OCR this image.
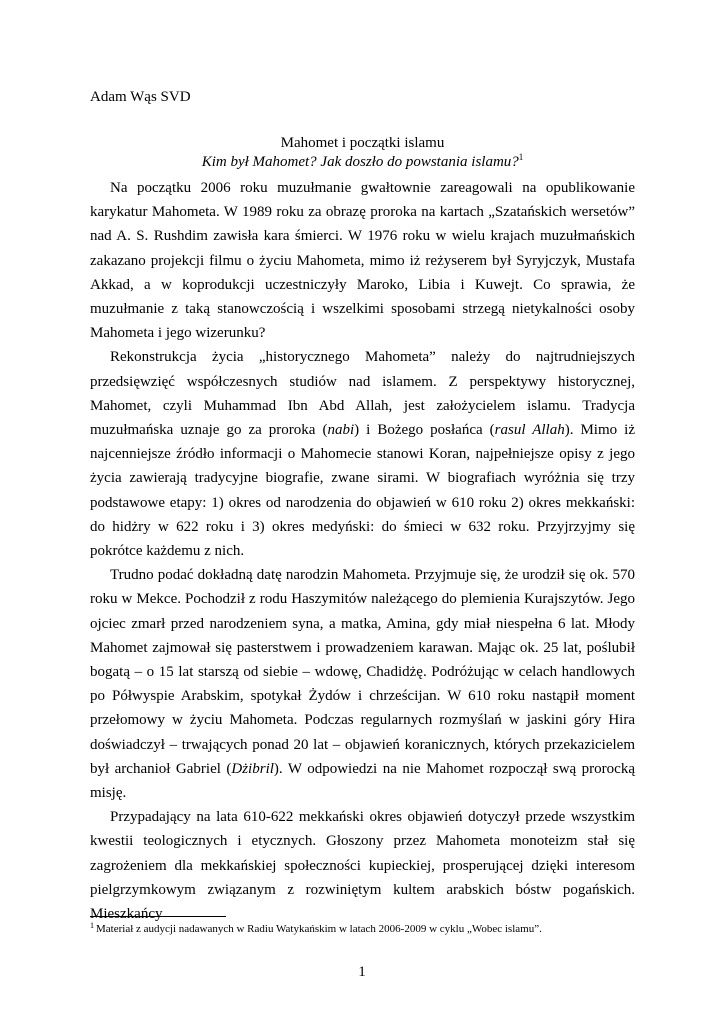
Adam Wąs SVD
Mahomet i początki islamu
Kim był Mahomet? Jak doszło do powstania islamu?$^1$

Na początku 2006 roku muzułmanie gwałtownie zareagowali na opublikowanie karykatur Mahometa. W 1989 roku za obrazę proroka na kartach „Szatańskich wersetów” nad A. S. Rushdim zawisła kara śmierci. W 1976 roku w wielu krajach muzułmańskich zakazano projekcji filmu o życiu Mahometa, mimo iż reżyserem był Syryjczyk, Mustafa Akkad, a w koprodukcji uczestniczyły Maroko, Libia i Kuwejt. Co sprawia, że muzułmanie z taką stanowczością i wszelkimi sposobami strzegą nietykalności osoby Mahometa i jego wizerunku?

Rekonstrukcja życia „historycznego Mahometa” należy do najtrudniejszych przedsięwzięć współczesnych studiów nad islamem. Z perspektywy historycznej, Mahomet, czyli Muhammad Ibn Abd Allah, jest założycielem islamu. Tradycja muzułmańska uznaje go za proroka (nabi) i Bożego posłańca (rasul Allah). Mimo iż najcenniejsze źródło informacji o Mahomecie stanowi Koran, najpełniejsze opisy z jego życia zawierają tradycyjne biografie, zwane sirami. W biografiach wyróżnia się trzy podstawowe etapy: 1) okres od narodzenia do objawień w 610 roku 2) okres mekkański: do hidżry w 622 roku i 3) okres medyński: do śmieci w 632 roku. Przyjrzyjmy się pokrótce każdemu z nich.

Trudno podać dokładną datę narodzin Mahometa. Przyjmuje się, że urodził się ok. 570 roku w Mekce. Pochodził z rodu Haszymitów należącego do plemienia Kurajszytów. Jego ojciec zmarł przed narodzeniem syna, a matka, Amina, gdy miał niespełna 6 lat. Młody Mahomet zajmował się pasterstwem i prowadzeniem karawan. Mając ok. 25 lat, poślubił bogatą – o 15 lat starszą od siebie – wdowę, Chadidżę. Podróżując w celach handlowych po Półwyspie Arabskim, spotykał Żydów i chrześcijan. W 610 roku nastąpił moment przełomowy w życiu Mahometa. Podczas regularnych rozmyślań w jaskini góry Hira doświadczył – trwających ponad 20 lat – objawień koranicznych, których przekazicielem był archanioł Gabriel (Dżibril). W odpowiedzi na nie Mahomet rozpoczął swą prorocką misję.

Przypadający na lata 610-622 mekkański okres objawień dotyczył przede wszystkim kwestii teologicznych i etycznych. Głoszony przez Mahometa monoteizm stał się zagrożeniem dla mekkańskiej społeczności kupieckiej, prosperującej dzięki interesom pielgrzymkowym związanym z rozwiniętym kultem arabskich bóstw pogańskich. Mieszkańcy

$^1$ Materiał z audycji nadawanych w Radiu Watykańskim w latach 2006-2009 w cyklu „Wobec islamu”.
1
